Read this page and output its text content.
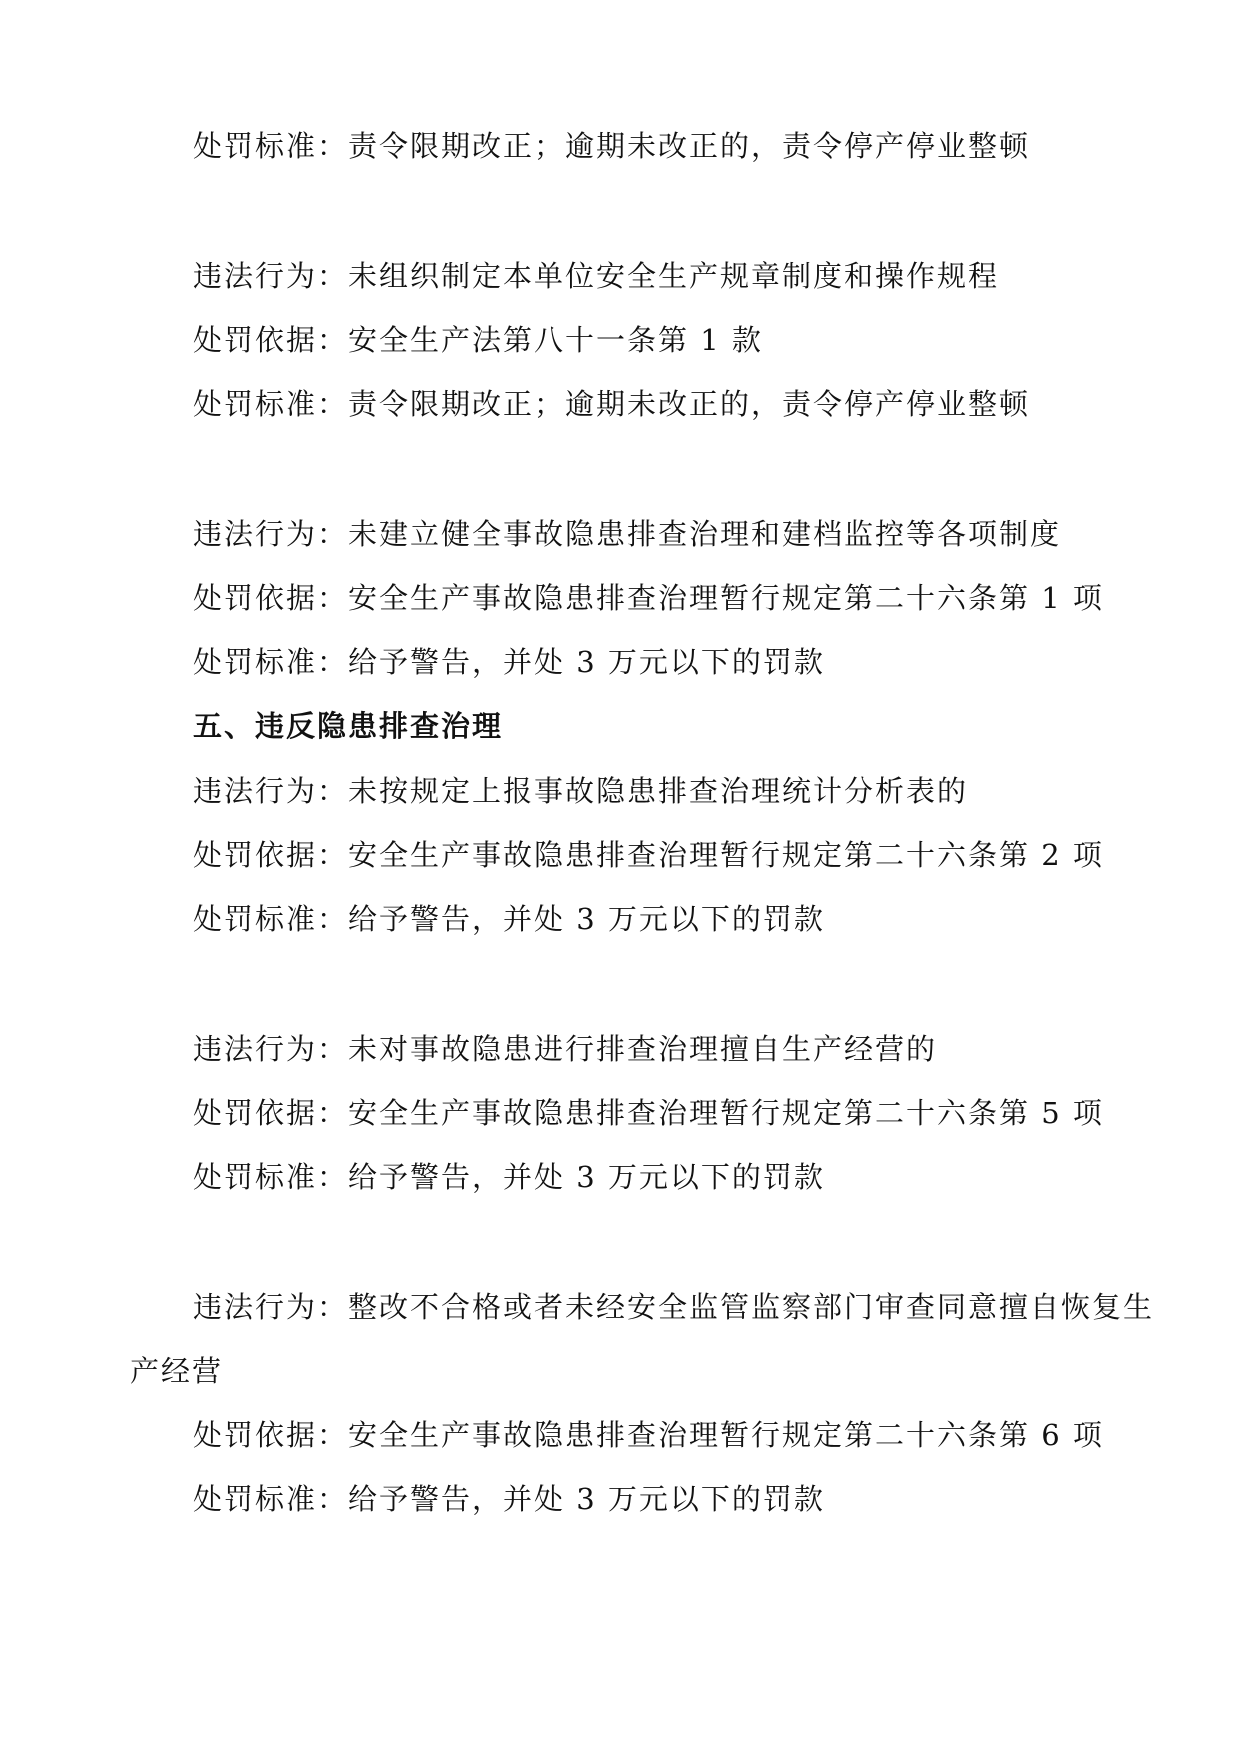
处罚标准：责令限期改正；逾期未改正的，责令停产停业整顿
违法行为：未组织制定本单位安全生产规章制度和操作规程
处罚依据：安全生产法第八十一条第 1 款
处罚标准：责令限期改正；逾期未改正的，责令停产停业整顿
违法行为：未建立健全事故隐患排查治理和建档监控等各项制度
处罚依据：安全生产事故隐患排查治理暂行规定第二十六条第 1 项
处罚标准：给予警告，并处 3 万元以下的罚款
五、违反隐患排查治理
违法行为：未按规定上报事故隐患排查治理统计分析表的
处罚依据：安全生产事故隐患排查治理暂行规定第二十六条第 2 项
处罚标准：给予警告，并处 3 万元以下的罚款
违法行为：未对事故隐患进行排查治理擅自生产经营的
处罚依据：安全生产事故隐患排查治理暂行规定第二十六条第 5 项
处罚标准：给予警告，并处 3 万元以下的罚款
违法行为：整改不合格或者未经安全监管监察部门审查同意擅自恢复生
产经营
处罚依据：安全生产事故隐患排查治理暂行规定第二十六条第 6 项
处罚标准：给予警告，并处 3 万元以下的罚款
